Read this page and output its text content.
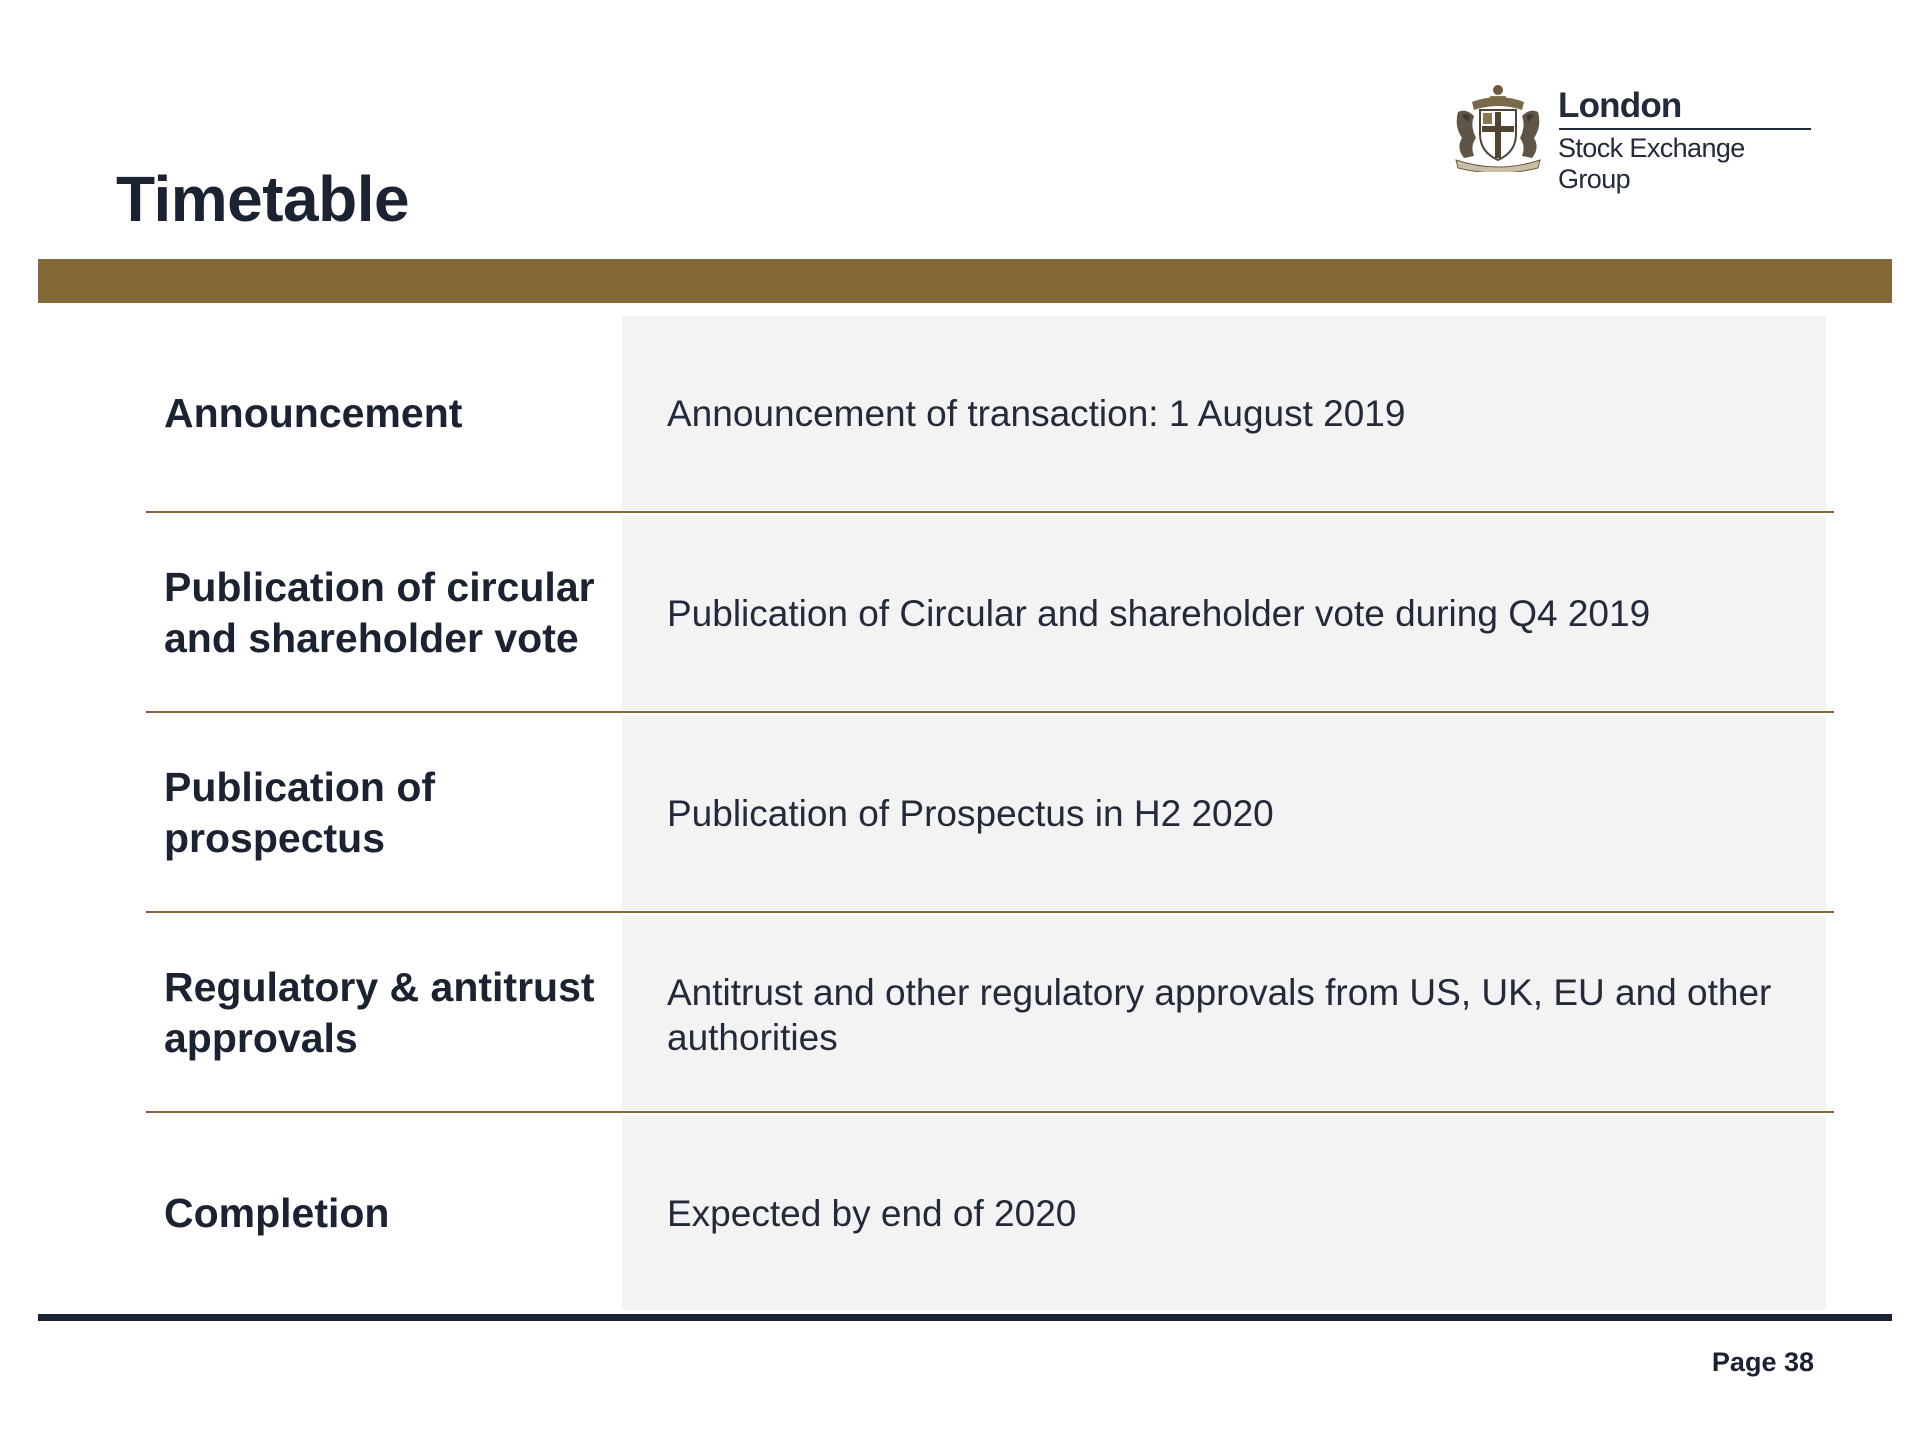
Timetable
London
Stock Exchange Group
Announcement	Announcement of transaction: 1 August 2019
Publication of circular and shareholder vote
Publication of Circular and shareholder vote during Q4 2019
Publication of prospectus
Publication of Prospectus in H2 2020
Regulatory & antitrust approvals
Antitrust and other regulatory approvals from US, UK, EU and other authorities
Completion	Expected by end of 2020
Page 38
